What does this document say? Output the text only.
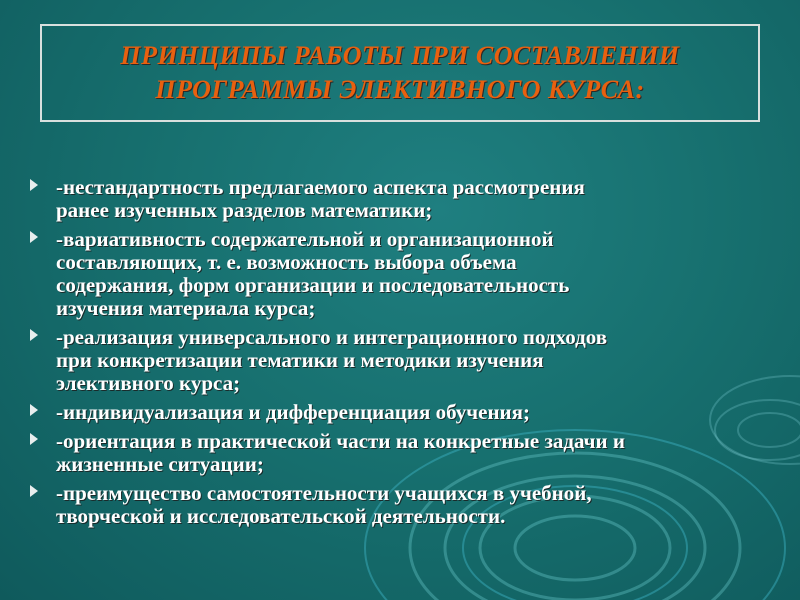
ПРИНЦИПЫ РАБОТЫ ПРИ СОСТАВЛЕНИИ
ПРОГРАММЫ ЭЛЕКТИВНОГО КУРСА:
-нестандартность предлагаемого аспекта рассмотрения
ранее изученных разделов математики;
-вариативность содержательной и организационной
составляющих, т. е. возможность выбора объема
содержания, форм организации и последовательность
изучения материала курса;
-реализация универсального и интеграционного подходов
при конкретизации тематики и методики изучения
элективного курса;
-индивидуализация и дифференциация обучения;
-ориентация в практической части на конкретные задачи и
жизненные ситуации;
-преимущество самостоятельности учащихся в учебной,
творческой и исследовательской деятельности.
